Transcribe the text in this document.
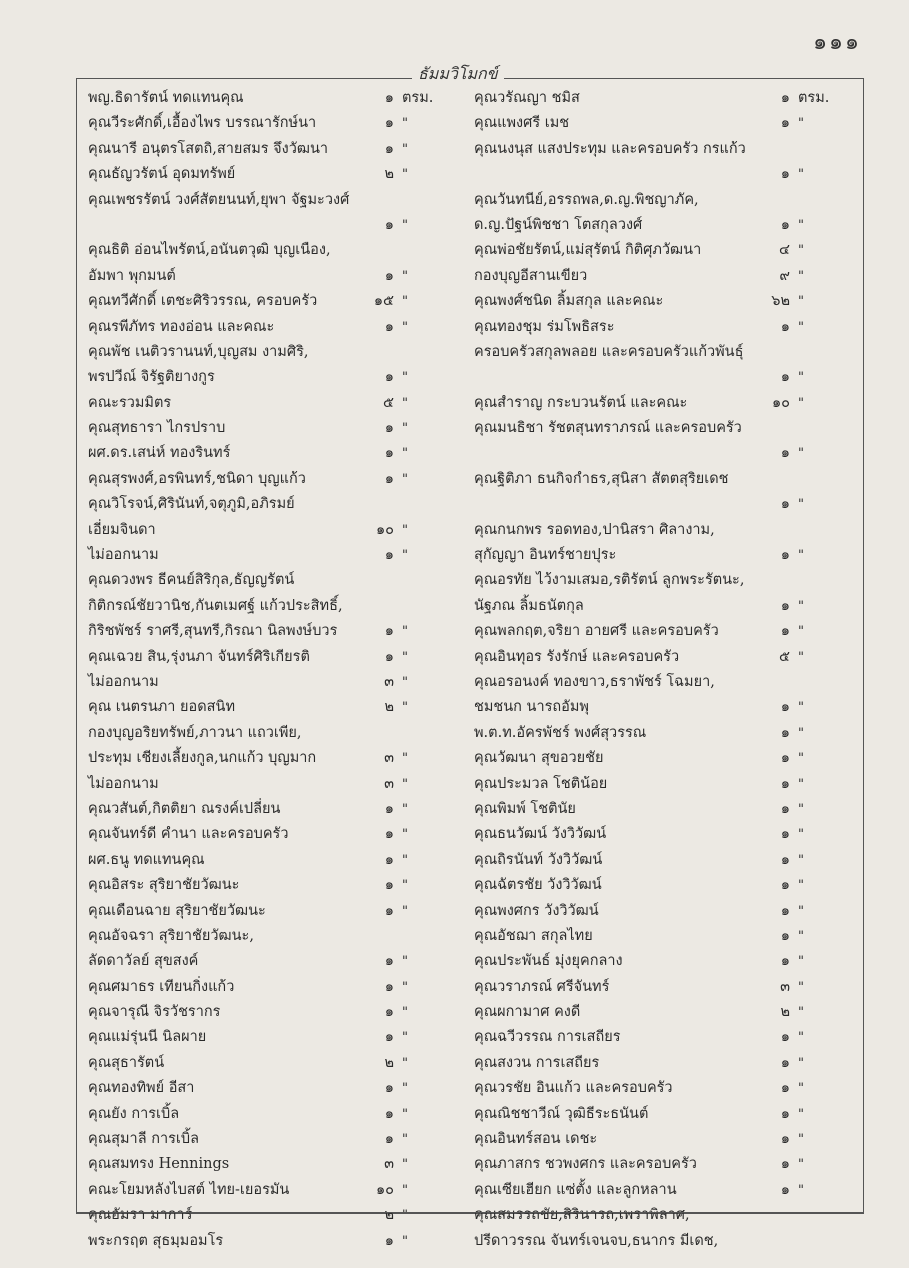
๑๑๑
ธัมมวิโมกข์
พญ.ธิดารัตน์ ทดแทนคุณ	๑ ตรม.
คุณวีระศักดิ์,เอื้องไพร บรรณารักษ์นา	๑ "
คุณนารี อนุตรโสตถิ,สายสมร จึงวัฒนา	๑ "
คุณธัญวรัตน์ อุดมทรัพย์	๒ "
คุณเพชรรัตน์ วงศ์สัตยนนท์,ยุพา จัฐมะวงศ์
๑ "
คุณธิติ อ่อนไพรัตน์,อนันตวุฒิ บุญเนือง,
อัมพา พุกมนต์	๑ "
คุณทวีศักดิ์ เตชะศิริวรรณ, ครอบครัว	๑๕ "
คุณรพีภัทร ทองอ่อน และคณะ	๑ "
คุณพัช เนติวรานนท์,บุญสม งามศิริ,
พรปวีณ์ จิรัฐติยางกูร	๑ "
คณะรวมมิตร	๕ "
คุณสุทธารา ไกรปราบ	๑ "
ผศ.ดร.เสน่ห์ ทองรินทร์	๑ "
คุณสุรพงศ์,อรพินทร์,ชนิดา บุญแก้ว	๑ "
คุณวิโรจน์,ศิรินันท์,จตุภูมิ,อภิรมย์
เอี่ยมจินดา	๑๐ "
ไม่ออกนาม	๑ "
คุณดวงพร ธีคนย์สิริกุล,ธัญญรัตน์
กิติกรณ์ชัยวานิช,กันตเมศฐ์ แก้วประสิทธิ์,
กิริชพัชร์ ราศรี,สุนทรี,กิรณา นิลพงษ์บวร	๑ "
คุณเฉวย สิน,รุ่งนภา จันทร์ศิริเกียรติ	๑ "
ไม่ออกนาม	๓ "
คุณ เนตรนภา ยอดสนิท	๒ "
กองบุญอริยทรัพย์,ภาวนา แถวเพีย,
ประทุม เชียงเลี้ยงกูล,นกแก้ว บุญมาก	๓ "
ไม่ออกนาม	๓ "
คุณวสันต์,กิตติยา ณรงค์เปลี่ยน	๑ "
คุณจันทร์ดี คำนา และครอบครัว	๑ "
ผศ.ธนู ทดแทนคุณ	๑ "
คุณอิสระ สุริยาชัยวัฒนะ	๑ "
คุณเดือนฉาย สุริยาชัยวัฒนะ	๑ "
คุณอัจฉรา สุริยาชัยวัฒนะ,
ลัดดาวัลย์ สุขสงค์	๑ "
คุณศมาธร เทียนกิ่งแก้ว	๑ "
คุณจารุณี จิรวัชรากร	๑ "
คุณแม่รุ่นนี นิลผาย	๑ "
คุณสุธารัตน์	๒ "
คุณทองทิพย์ อีสา	๑ "
คุณยัง การเบิ้ล	๑ "
คุณสุมาลี การเบิ้ล	๑ "
คุณสมทรง Hennings	๓ "
คณะโยมหลังไบสต์ ไทย-เยอรมัน	๑๐ "
คุณอัมรา มาการ์	๒ "
พระกรฤต สุธมฺมอมโร	๑ "
คุณวรัณญา ชมิส	๑ ตรม.
คุณแพงศรี เมช	๑ "
คุณนงนุส แสงประทุม และครอบครัว กรแก้ว
๑ "
คุณวันทนีย์,อรรถพล,ด.ญ.พิชญาภัค,
ด.ญ.ปัฐน์พิชชา โตสกุลวงศ์	๑ "
คุณพ่อชัยรัตน์,แม่สุรัตน์ กิติศุภวัฒนา	๔ "
กองบุญอีสานเขียว	๙ "
คุณพงศ์ชนิด ลิ้มสกุล และคณะ	๖๒ "
คุณทองชุม ร่มโพธิสระ	๑ "
ครอบครัวสกุลพลอย และครอบครัวแก้วพันธุ์
๑ "
คุณสำราญ กระบวนรัตน์ และคณะ	๑๐ "
คุณมนธิชา รัชตสุนทราภรณ์ และครอบครัว
๑ "
คุณฐิติภา ธนกิจกำธร,สุนิสา สัตตสุริยเดช
๑ "
คุณกนกพร รอดทอง,ปานิสรา ศิลางาม,
สุกัญญา อินทร์ชายปุระ	๑ "
คุณอรทัย ไว้งามเสมอ,รติรัตน์ ลูกพระรัตนะ,
นัฐภณ ลิ้มธนัตกุล	๑ "
คุณพลกฤต,จริยา อายศรี และครอบครัว	๑ "
คุณอินทุอร รังรักษ์ และครอบครัว	๕ "
คุณอรอนงค์ ทองขาว,ธราพัชร์ โฉมยา,
ชมชนก นารถอัมพุ	๑ "
พ.ต.ท.อัครพัชร์ พงศ์สุวรรณ	๑ "
คุณวัฒนา สุขอวยชัย	๑ "
คุณประมวล โชติน้อย	๑ "
คุณพิมพ์ โชตินัย	๑ "
คุณธนวัฒน์ วังวิวัฒน์	๑ "
คุณถิรนันท์ วังวิวัฒน์	๑ "
คุณฉัตรชัย วังวิวัฒน์	๑ "
คุณพงศกร วังวิวัฒน์	๑ "
คุณอัชฌา สกุลไทย	๑ "
คุณประพันธ์ มุ่งยุคกลาง	๑ "
คุณวราภรณ์ ศรีจันทร์	๓ "
คุณผกามาศ คงดี	๒ "
คุณฉวีวรรณ การเสถียร	๑ "
คุณสงวน การเสถียร	๑ "
คุณวรชัย อินแก้ว และครอบครัว	๑ "
คุณณิชชาวีณ์ วุฒิธีระธนันต์	๑ "
คุณอินทร์สอน เดชะ	๑ "
คุณภาสกร ชวพงศกร และครอบครัว	๑ "
คุณเซียเฮียก แซ่ตั้ง และลูกหลาน	๑ "
คุณสมรรถชัย,สิรินารถ,เพราพิลาศ,
ปรีดาวรรณ จันทร์เจนจบ,ธนากร มีเดช,
